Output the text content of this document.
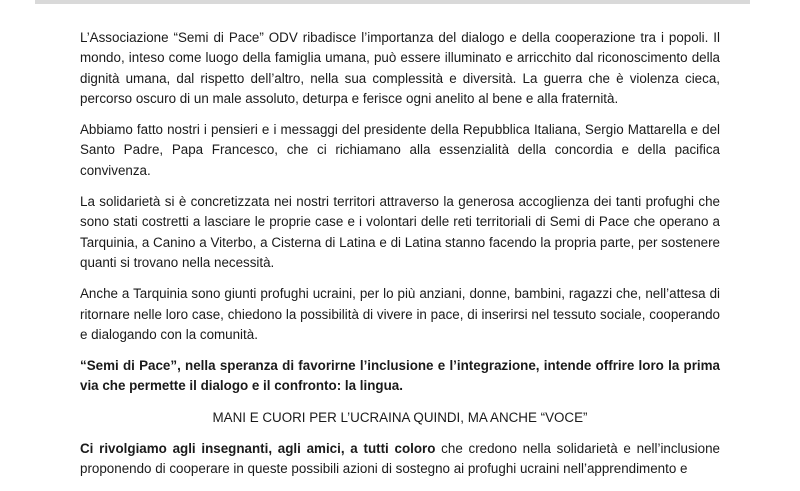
L’Associazione “Semi di Pace” ODV ribadisce l’importanza del dialogo e della cooperazione tra i popoli. Il mondo, inteso come luogo della famiglia umana, può essere illuminato e arricchito dal riconoscimento della dignità umana, dal rispetto dell’altro, nella sua complessità e diversità. La guerra che è violenza cieca, percorso oscuro di un male assoluto, deturpa e ferisce ogni anelito al bene e alla fraternità.

Abbiamo fatto nostri i pensieri e i messaggi del presidente della Repubblica Italiana, Sergio Mattarella e del Santo Padre, Papa Francesco, che ci richiamano alla essenzialità della concordia e della pacifica convivenza.

La solidarietà si è concretizzata nei nostri territori attraverso la generosa accoglienza dei tanti profughi che sono stati costretti a lasciare le proprie case e i volontari delle reti territoriali di Semi di Pace che operano a Tarquinia, a Canino a Viterbo, a Cisterna di Latina e di Latina stanno facendo la propria parte, per sostenere quanti si trovano nella necessità.

Anche a Tarquinia sono giunti profughi ucraini, per lo più anziani, donne, bambini, ragazzi che, nell’attesa di ritornare nelle loro case, chiedono la possibilità di vivere in pace, di inserirsi nel tessuto sociale, cooperando e dialogando con la comunità.

“Semi di Pace”, nella speranza di favorirne l’inclusione e l’integrazione, intende offrire loro la prima via che permette il dialogo e il confronto: la lingua.

MANI E CUORI PER L’UCRAINA QUINDI, MA ANCHE “VOCE”

Ci rivolgiamo agli insegnanti, agli amici, a tutti coloro che credono nella solidarietà e nell’inclusione proponendo di cooperare in queste possibili azioni di sostegno ai profughi ucraini nell’apprendimento e
